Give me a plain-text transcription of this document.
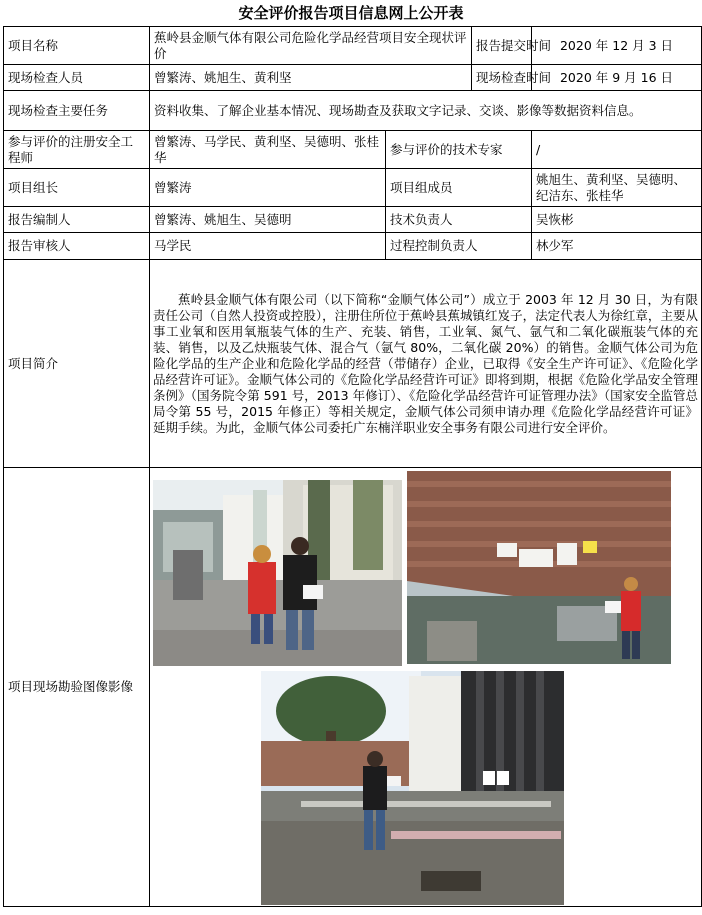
安全评价报告项目信息网上公开表
项目名称	蕉岭县金顺气体有限公司危险化学品经营项目安全现状评价		报告提交时间	2020 年 12 月 3 日
现场检查人员	曾繁涛、姚旭生、黄利坚		现场检查时间	2020 年 9 月 16 日
现场检查主要任务	资料收集、了解企业基本情况、现场勘查及获取文字记录、交谈、影像等数据资料信息。			
参与评价的注册安全工程师	曾繁涛、马学民、黄利坚、吴德明、张桂华	参与评价的技术专家		/
项目组长	曾繁涛	项目组成员		姚旭生、黄利坚、吴德明、纪洁东、张桂华
报告编制人	曾繁涛、姚旭生、吴德明	技术负责人		吴恢彬
报告审核人	马学民	过程控制负责人		林少军
项目简介	蕉岭县金顺气体有限公司（以下简称“金顺气体公司”）成立于 2003 年 12 月 30 日，为有限责任公司（自然人投资或控股），注册住所位于蕉岭县蕉城镇红岌子，法定代表人为徐红章，主要从事工业氧和医用氧瓶装气体的生产、充装、销售，工业氧、氮气、氩气和二氧化碳瓶装气体的充装、销售，以及乙炔瓶装气体、混合气（氩气 80%，二氧化碳 20%）的销售。金顺气体公司为危险化学品的生产企业和危险化学品的经营（带储存）企业，已取得《安全生产许可证》、《危险化学品经营许可证》。金顺气体公司的《危险化学品经营许可证》即将到期，根据《危险化学品安全管理条例》（国务院令第 591 号，2013 年修订）、《危险化学品经营许可证管理办法》（国家安全监管总局令第 55 号，2015 年修正）等相关规定，金顺气体公司须申请办理《危险化学品经营许可证》延期手续。为此，金顺气体公司委托广东楠洋职业安全事务有限公司进行安全评价。			
项目现场勘验图像影像	
